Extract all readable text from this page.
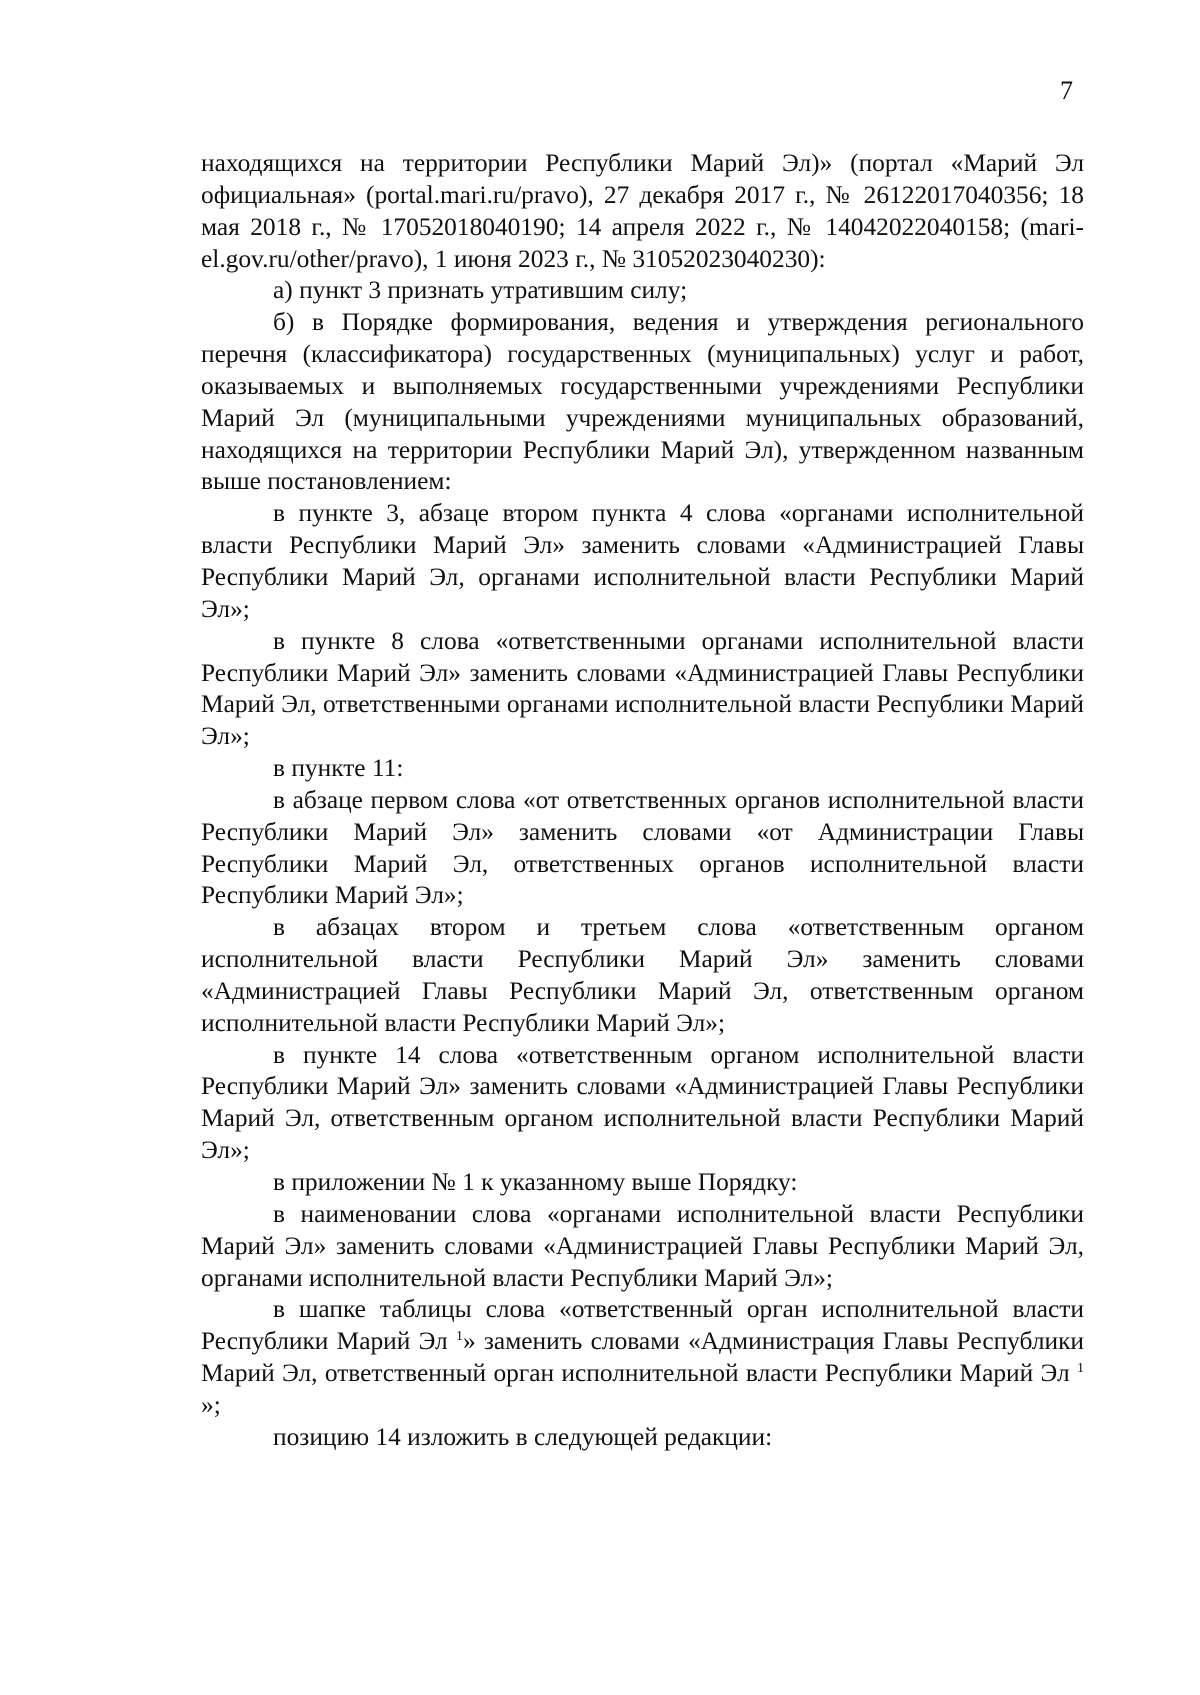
7

находящихся на территории Республики Марий Эл)» (портал «Марий Эл официальная» (portal.mari.ru/pravo), 27 декабря 2017 г., № 26122017040356; 18 мая 2018 г., № 17052018040190; 14 апреля 2022 г., № 14042022040158; (mari-el.gov.ru/other/pravo), 1 июня 2023 г., № 31052023040230):

а) пункт 3 признать утратившим силу;

б) в Порядке формирования, ведения и утверждения регионального перечня (классификатора) государственных (муниципальных) услуг и работ, оказываемых и выполняемых государственными учреждениями Республики Марий Эл (муниципальными учреждениями муниципальных образований, находящихся на территории Республики Марий Эл), утвержденном названным выше постановлением:

в пункте 3, абзаце втором пункта 4 слова «органами исполнительной власти Республики Марий Эл» заменить словами «Администрацией Главы Республики Марий Эл, органами исполнительной власти Республики Марий Эл»;

в пункте 8 слова «ответственными органами исполнительной власти Республики Марий Эл» заменить словами «Администрацией Главы Республики Марий Эл, ответственными органами исполнительной власти Республики Марий Эл»;

в пункте 11:

в абзаце первом слова «от ответственных органов исполнительной власти Республики Марий Эл» заменить словами «от Администрации Главы Республики Марий Эл, ответственных органов исполнительной власти Республики Марий Эл»;

в абзацах втором и третьем слова «ответственным органом исполнительной власти Республики Марий Эл» заменить словами «Администрацией Главы Республики Марий Эл, ответственным органом исполнительной власти Республики Марий Эл»;

в пункте 14 слова «ответственным органом исполнительной власти Республики Марий Эл» заменить словами «Администрацией Главы Республики Марий Эл, ответственным органом исполнительной власти Республики Марий Эл»;

в приложении № 1 к указанному выше Порядку:

в наименовании слова «органами исполнительной власти Республики Марий Эл» заменить словами «Администрацией Главы Республики Марий Эл, органами исполнительной власти Республики Марий Эл»;

в шапке таблицы слова «ответственный орган исполнительной власти Республики Марий Эл $^1$» заменить словами «Администрация Главы Республики Марий Эл, ответственный орган исполнительной власти Республики Марий Эл $^1$ »;

позицию 14 изложить в следующей редакции:
